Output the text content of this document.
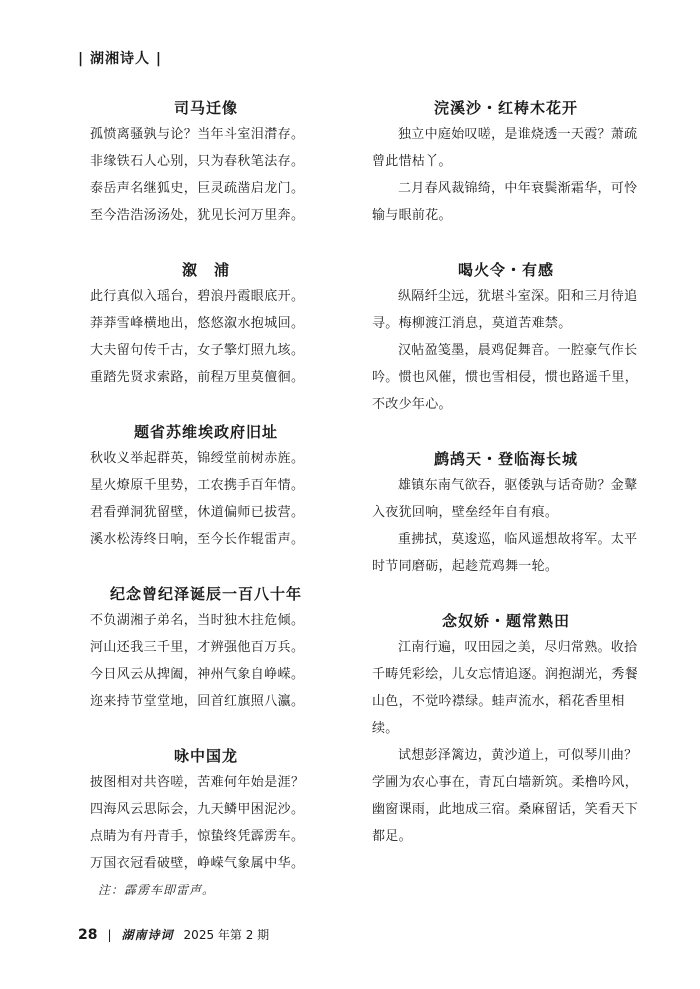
| 湖湘诗人 |
司马迁像
孤愤离骚孰与论？当年斗室泪潸存。
非缘铁石人心别，只为春秋笔法存。
泰岳声名继狐史，巨灵疏凿启龙门。
至今浩浩汤汤处，犹见长河万里奔。
溆　浦
此行真似入瑶台，碧浪丹霞眼底开。
莽莽雪峰横地出，悠悠溆水抱城回。
大夫留句传千古，女子擎灯照九垓。
重踏先贤求索路，前程万里莫儃徊。
题省苏维埃政府旧址
秋收义举起群英，锦绶堂前树赤旌。
星火燎原千里势，工农携手百年情。
君看弹洞犹留壁，休道偏师已拔营。
溪水松涛终日响，至今长作辊雷声。
纪念曾纪泽诞辰一百八十年
不负湖湘子弟名，当时独木拄危倾。
河山还我三千里，才辨强他百万兵。
今日风云从捭阖，神州气象自峥嵘。
迩来持节堂堂地，回首红旗照八瀛。
咏中国龙
披图相对共咨嗟，苦难何年始是涯？
四海风云思际会，九天鳞甲困泥沙。
点睛为有丹青手，惊蛰终凭霹雳车。
万国衣冠看破壁，峥嵘气象属中华。
注：霹雳车即雷声。
浣溪沙・红梼木花开

独立中庭始叹嗟，是谁烧透一天霞？萧疏曾此惜枯丫。

二月春风裁锦绮，中年衰鬓渐霜华，可怜输与眼前花。

喝火令・有感

纵隔纤尘远，犹堪斗室深。阳和三月待追寻。梅柳渡江消息，莫道苦难禁。

汉帖盈笺墨，晨鸡促舞音。一腔豪气作长吟。惯也风催，惯也雪相侵，惯也路遥千里，不改少年心。

鹧鸪天・登临海长城

雄镇东南气欲吞，驱倭孰与话奇勋？金鼙入夜犹回响，壁垒经年自有痕。

重拂拭，莫逡巡，临风遥想故将军。太平时节同磨砺，起趁荒鸡舞一轮。

念奴娇・题常熟田

江南行遍，叹田园之美，尽归常熟。收拾千畴凭彩绘，儿女忘情追逐。润抱湖光，秀餐山色，不觉吟襟绿。蛙声流水，稻花香里相续。

试想彭泽篱边，黄沙道上，可似琴川曲？学圃为农心事在，青瓦白墙新筑。柔橹吟风，幽窗课雨，此地成三宿。桑麻留话，笑看天下都足。

28 | 湖南诗词 2025 年第 2 期
